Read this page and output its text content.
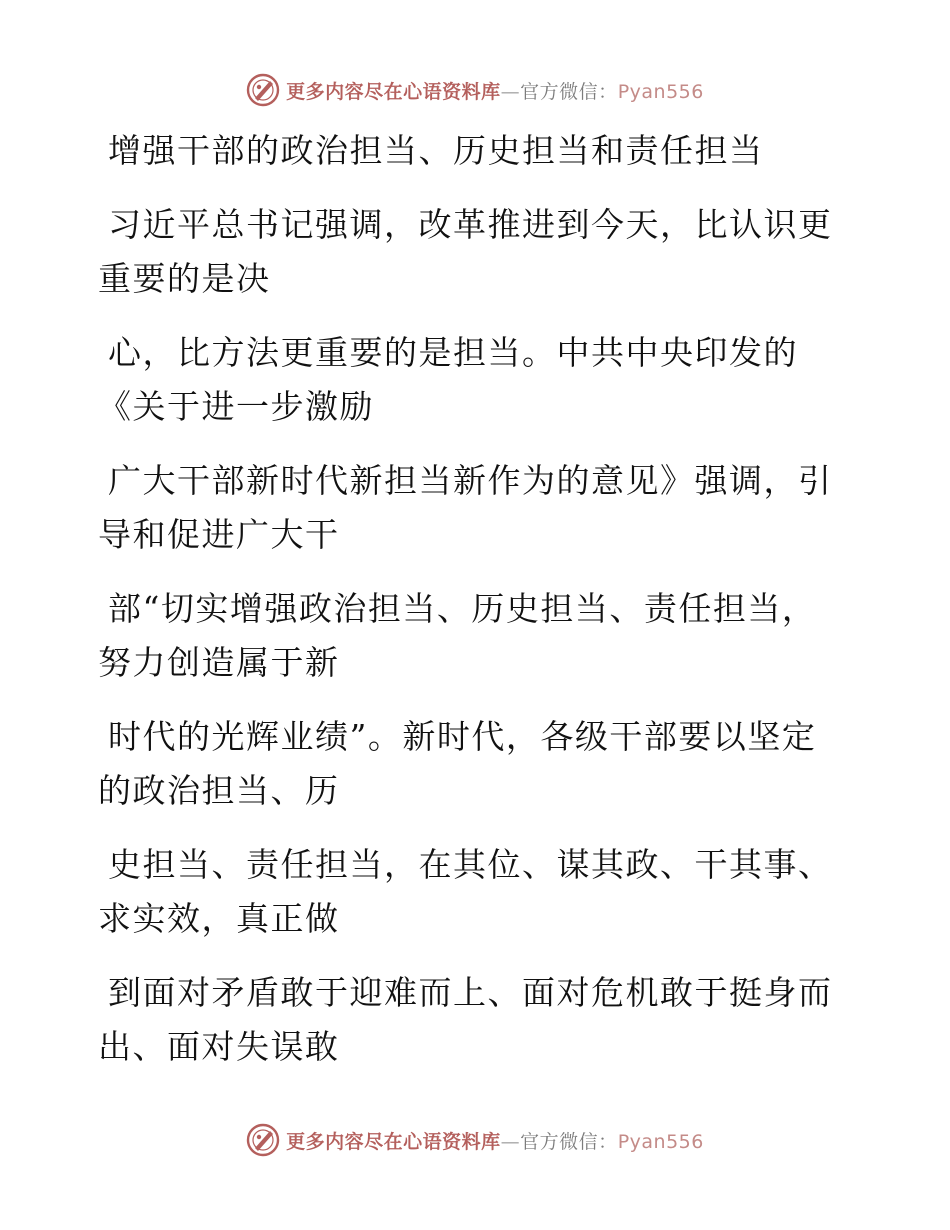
更多内容尽在心语资料库—官方微信：Pyan556
增强干部的政治担当、历史担当和责任担当
习近平总书记强调，改革推进到今天，比认识更
重要的是决
心，比方法更重要的是担当。中共中央印发的
《关于进一步激励
广大干部新时代新担当新作为的意见》强调，引
导和促进广大干
部“切实增强政治担当、历史担当、责任担当，
努力创造属于新
时代的光辉业绩”。新时代，各级干部要以坚定
的政治担当、历
史担当、责任担当，在其位、谋其政、干其事、
求实效，真正做
到面对矛盾敢于迎难而上、面对危机敢于挺身而
出、面对失误敢
更多内容尽在心语资料库—官方微信：Pyan556
